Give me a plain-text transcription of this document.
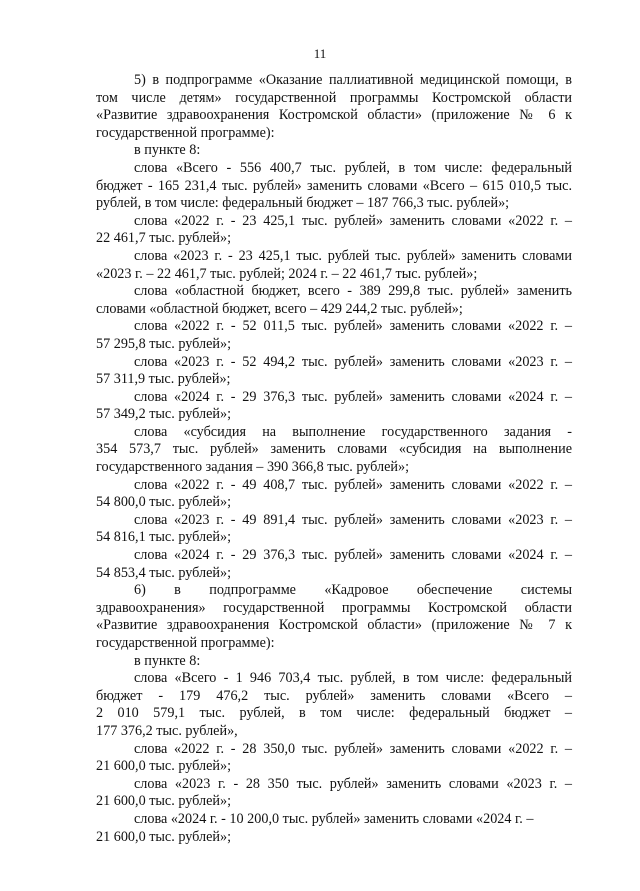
11
5) в подпрограмме «Оказание паллиативной медицинской помощи, в
том числе детям» государственной программы Костромской области
«Развитие здравоохранения Костромской области» (приложение № 6 к
государственной программе):
в пункте 8:
слова «Всего - 556 400,7 тыс. рублей, в том числе: федеральный
бюджет - 165 231,4 тыс. рублей» заменить словами «Всего – 615 010,5 тыс.
рублей, в том числе: федеральный бюджет – 187 766,3 тыс. рублей»;
слова «2022 г. - 23 425,1 тыс. рублей» заменить словами «2022 г. –
22 461,7 тыс. рублей»;
слова «2023 г. - 23 425,1 тыс. рублей тыс. рублей» заменить словами
«2023 г. – 22 461,7 тыс. рублей; 2024 г. – 22 461,7 тыс. рублей»;
слова «областной бюджет, всего - 389 299,8 тыс. рублей» заменить
словами «областной бюджет, всего – 429 244,2 тыс. рублей»;
слова «2022 г. - 52 011,5 тыс. рублей» заменить словами «2022 г. –
57 295,8 тыс. рублей»;
слова «2023 г. - 52 494,2 тыс. рублей» заменить словами «2023 г. –
57 311,9 тыс. рублей»;
слова «2024 г. - 29 376,3 тыс. рублей» заменить словами «2024 г. –
57 349,2 тыс. рублей»;
слова «субсидия на выполнение государственного задания -
354 573,7 тыс. рублей» заменить словами «субсидия на выполнение
государственного задания – 390 366,8 тыс. рублей»;
слова «2022 г. - 49 408,7 тыс. рублей» заменить словами «2022 г. –
54 800,0 тыс. рублей»;
слова «2023 г. - 49 891,4 тыс. рублей» заменить словами «2023 г. –
54 816,1 тыс. рублей»;
слова «2024 г. - 29 376,3 тыс. рублей» заменить словами «2024 г. –
54 853,4 тыс. рублей»;
6) в подпрограмме «Кадровое обеспечение системы
здравоохранения» государственной программы Костромской области
«Развитие здравоохранения Костромской области» (приложение № 7 к
государственной программе):
в пункте 8:
слова «Всего - 1 946 703,4 тыс. рублей, в том числе: федеральный
бюджет - 179 476,2 тыс. рублей» заменить словами «Всего –
2 010 579,1 тыс. рублей, в том числе: федеральный бюджет –
177 376,2 тыс. рублей»,
слова «2022 г. - 28 350,0 тыс. рублей» заменить словами «2022 г. –
21 600,0 тыс. рублей»;
слова «2023 г. - 28 350 тыс. рублей» заменить словами «2023 г. –
21 600,0 тыс. рублей»;
слова «2024 г. - 10 200,0 тыс. рублей» заменить словами «2024 г. –
21 600,0 тыс. рублей»;
